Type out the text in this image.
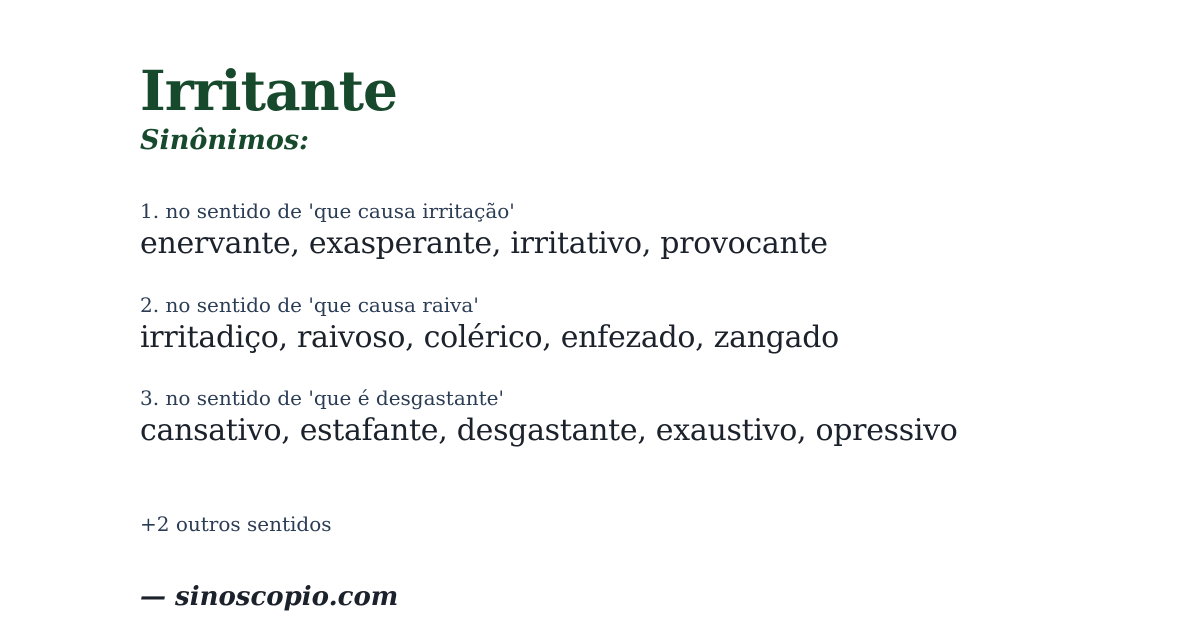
Irritante

Sinônimos:

1. no sentido de 'que causa irritação'

enervante, exasperante, irritativo, provocante

2. no sentido de 'que causa raiva'

irritadiço, raivoso, colérico, enfezado, zangado

3. no sentido de 'que é desgastante'

cansativo, estafante, desgastante, exaustivo, opressivo

+2 outros sentidos
— sinoscopio.com
